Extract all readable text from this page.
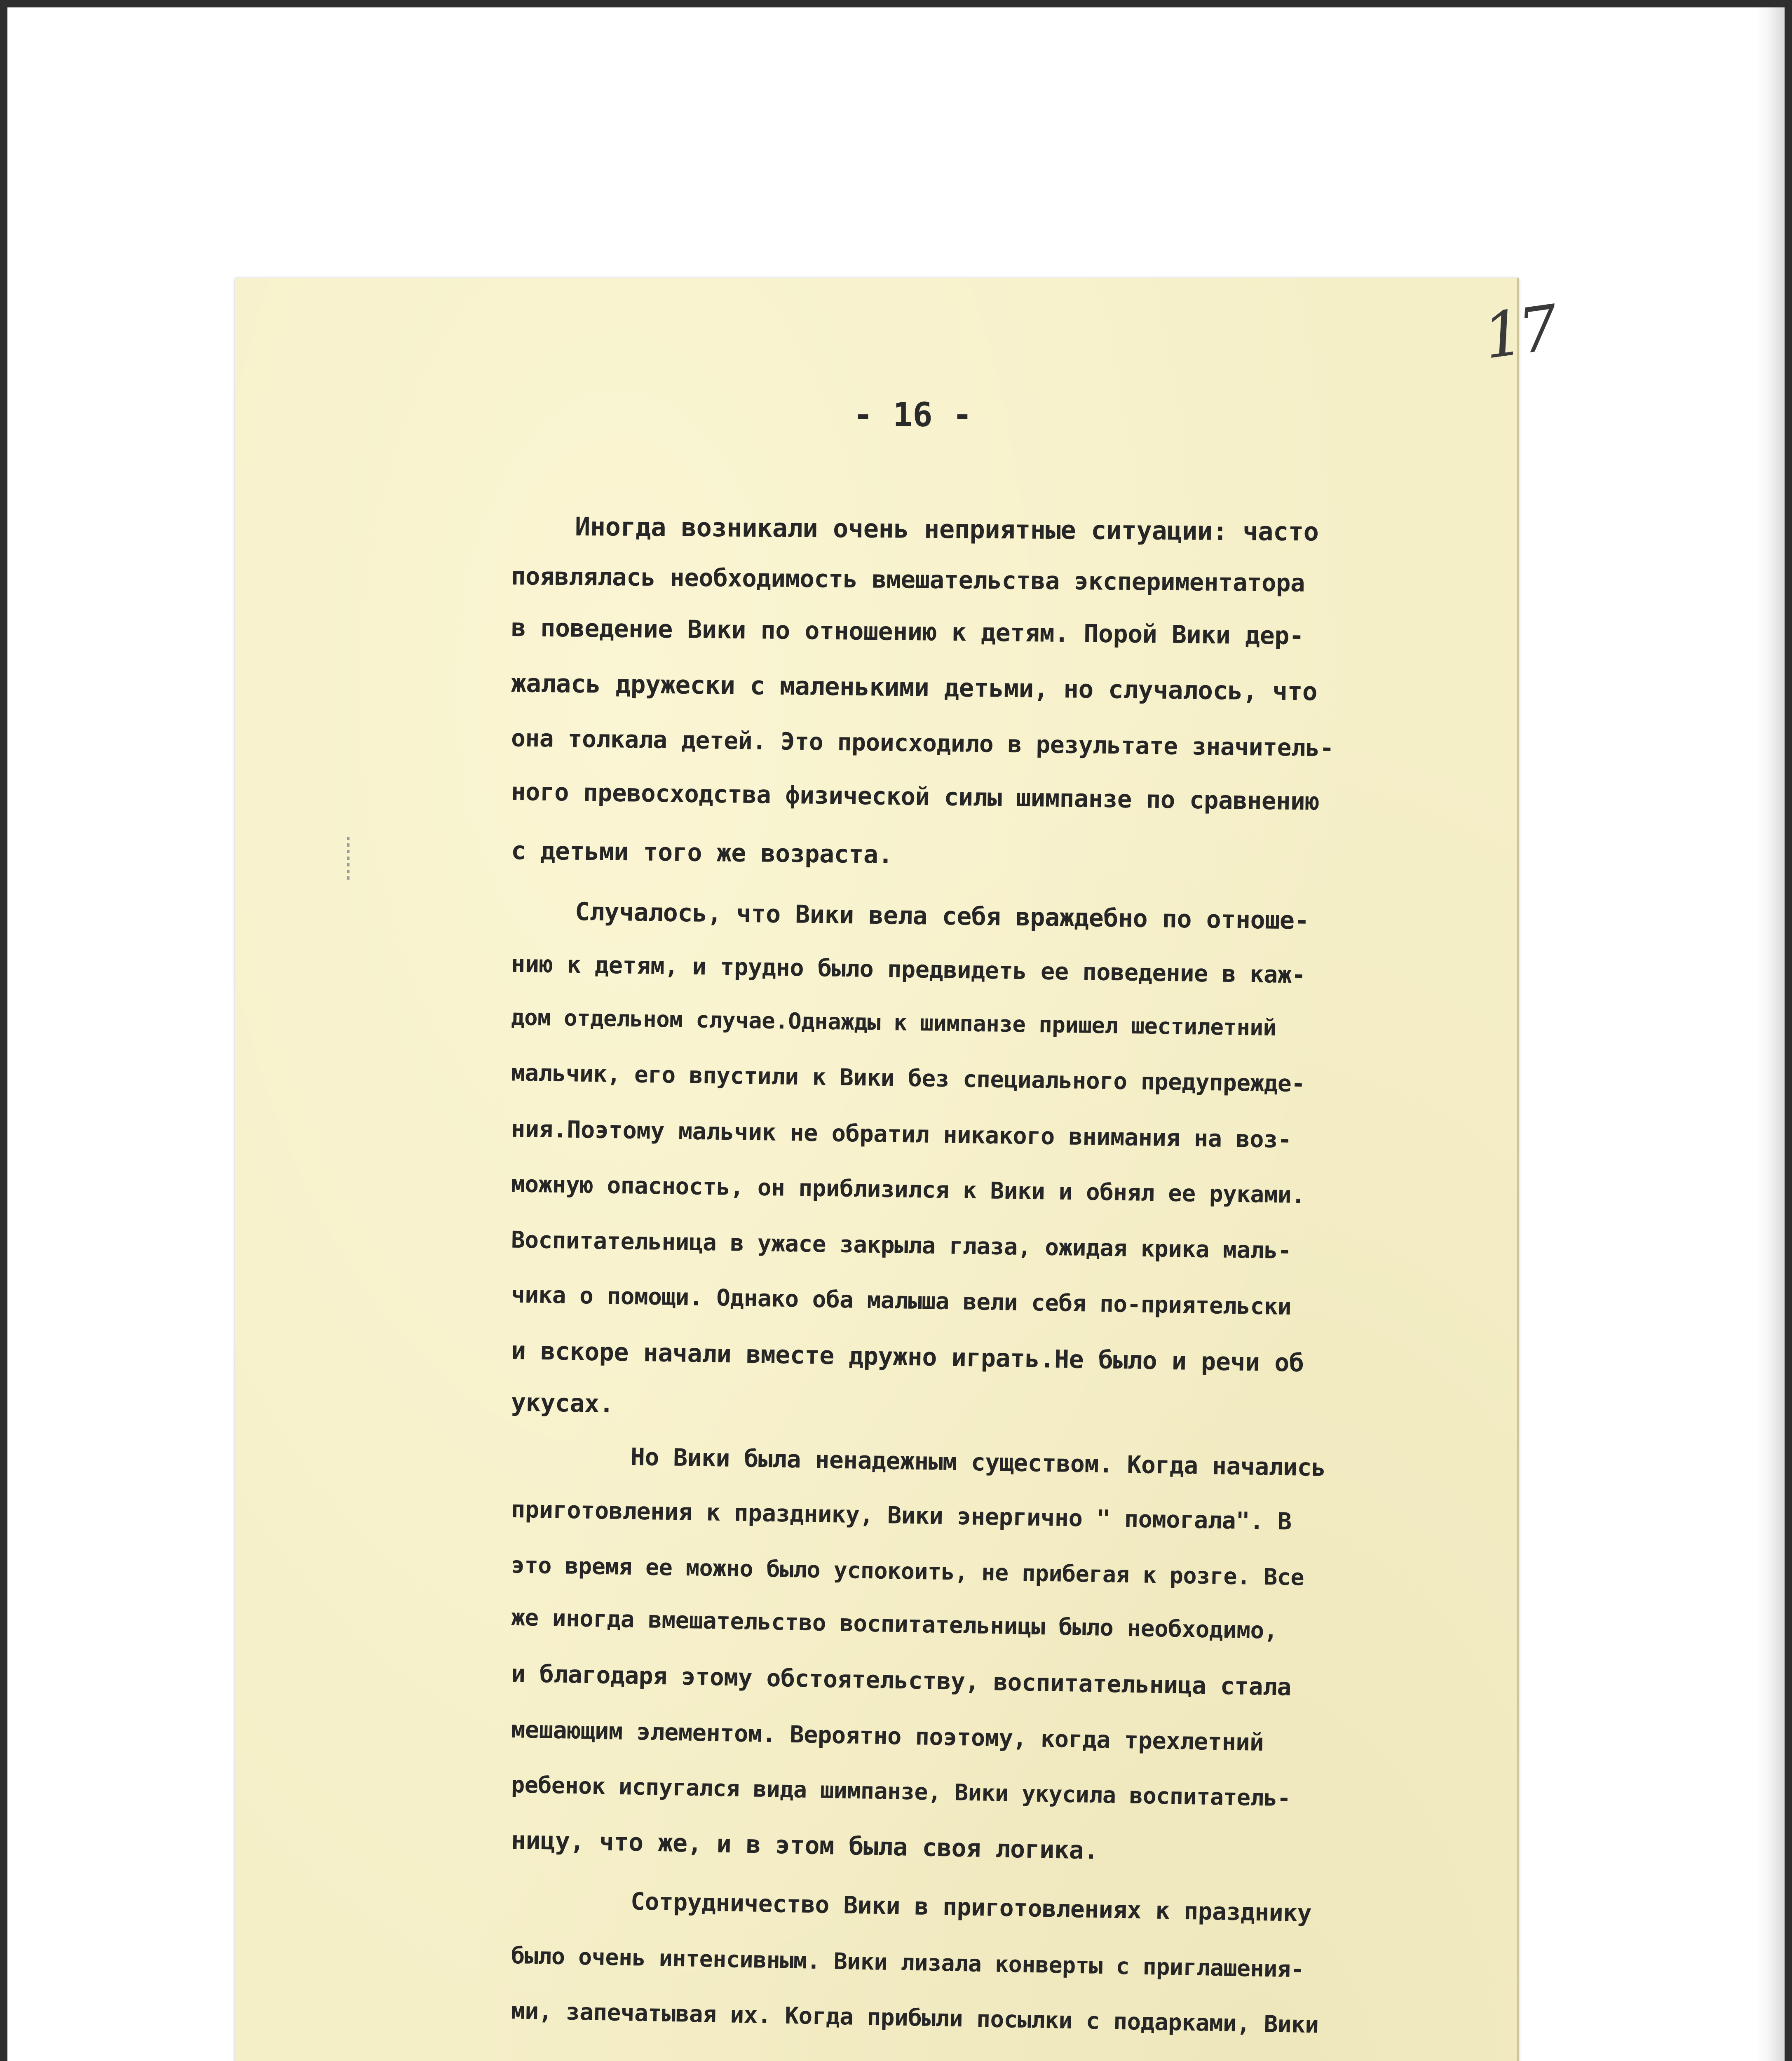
17
- 16 -
Иногда возникали очень неприятные ситуации: часто
появлялась необходимость вмешательства экспериментатора
в поведение Вики по отношению к детям. Порой Вики дер-
жалась дружески с маленькими детьми, но случалось, что
она толкала детей. Это происходило в результате значитель-
ного превосходства физической силы шимпанзе по сравнению
с детьми того же возраста.
Случалось, что Вики вела себя враждебно по отноше-
нию к детям, и трудно было предвидеть ее поведение в каж-
дом отдельном случае.Однажды к шимпанзе пришел шестилетний
мальчик, его впустили к Вики без специального предупрежде-
ния.Поэтому мальчик не обратил никакого внимания на воз-
можную опасность, он приблизился к Вики и обнял ее руками.
Воспитательница в ужасе закрыла глаза, ожидая крика маль-
чика о помощи. Однако оба малыша вели себя по-приятельски
и вскоре начали вместе дружно играть.Не было и речи об
укусах.
Но Вики была ненадежным существом. Когда начались
приготовления к празднику, Вики энергично " помогала". В
это время ее можно было успокоить, не прибегая к розге. Все
же иногда вмешательство воспитательницы было необходимо,
и благодаря этому обстоятельству, воспитательница стала
мешающим элементом. Вероятно поэтому, когда трехлетний
ребенок испугался вида шимпанзе, Вики укусила воспитатель-
ницу, что же, и в этом была своя логика.
Сотрудничество Вики в приготовлениях к празднику
было очень интенсивным. Вики лизала конверты с приглашения-
ми, запечатывая их. Когда прибыли посылки с подарками, Вики
